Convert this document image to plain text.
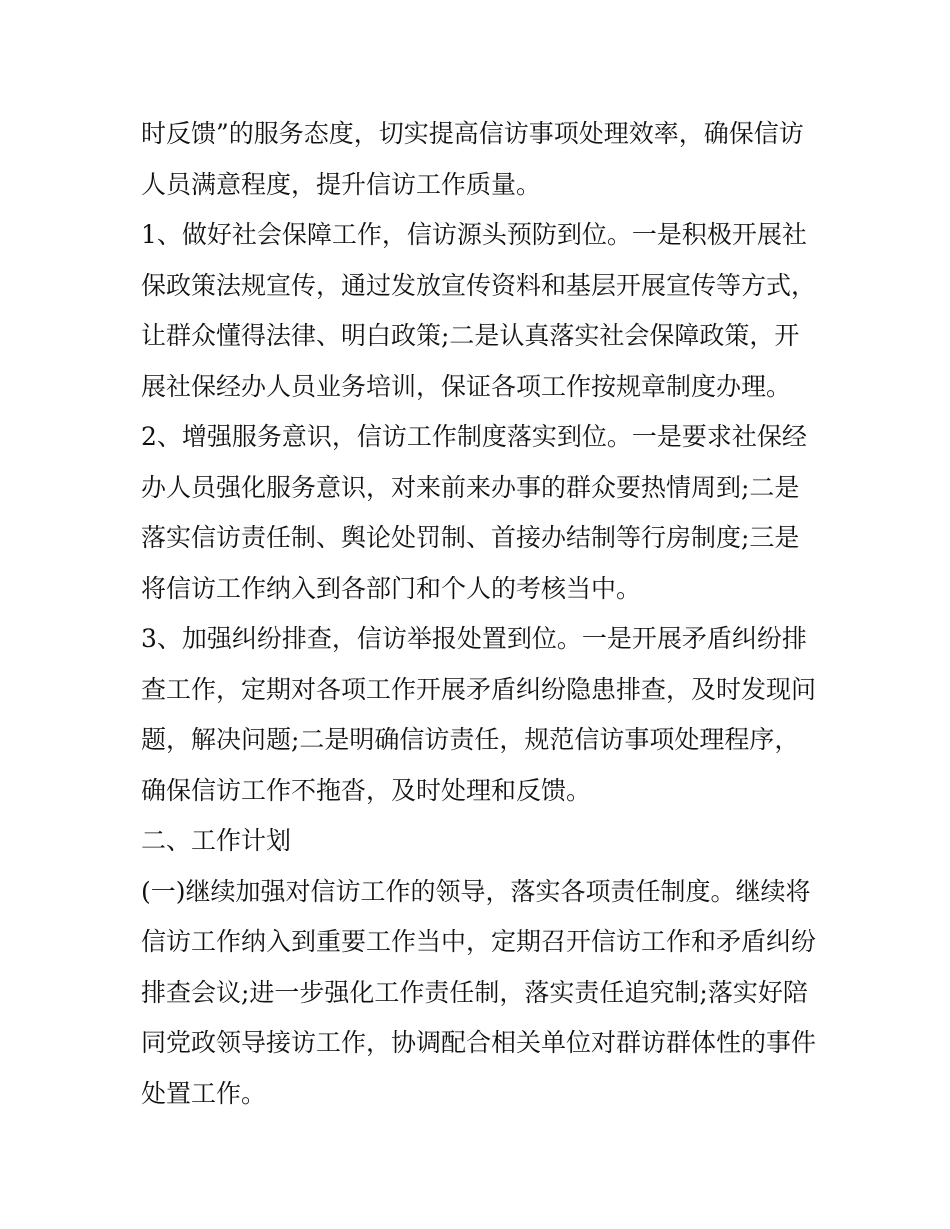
时反馈”的服务态度，切实提高信访事项处理效率，确保信访
人员满意程度，提升信访工作质量。
1、做好社会保障工作，信访源头预防到位。一是积极开展社
保政策法规宣传，通过发放宣传资料和基层开展宣传等方式，
让群众懂得法律、明白政策;二是认真落实社会保障政策，开
展社保经办人员业务培训，保证各项工作按规章制度办理。
2、增强服务意识，信访工作制度落实到位。一是要求社保经
办人员强化服务意识，对来前来办事的群众要热情周到;二是
落实信访责任制、舆论处罚制、首接办结制等行房制度;三是
将信访工作纳入到各部门和个人的考核当中。
3、加强纠纷排查，信访举报处置到位。一是开展矛盾纠纷排
查工作，定期对各项工作开展矛盾纠纷隐患排查，及时发现问
题，解决问题;二是明确信访责任，规范信访事项处理程序，
确保信访工作不拖沓，及时处理和反馈。
二、工作计划
(一)继续加强对信访工作的领导，落实各项责任制度。继续将
信访工作纳入到重要工作当中，定期召开信访工作和矛盾纠纷
排查会议;进一步强化工作责任制，落实责任追究制;落实好陪
同党政领导接访工作，协调配合相关单位对群访群体性的事件
处置工作。
